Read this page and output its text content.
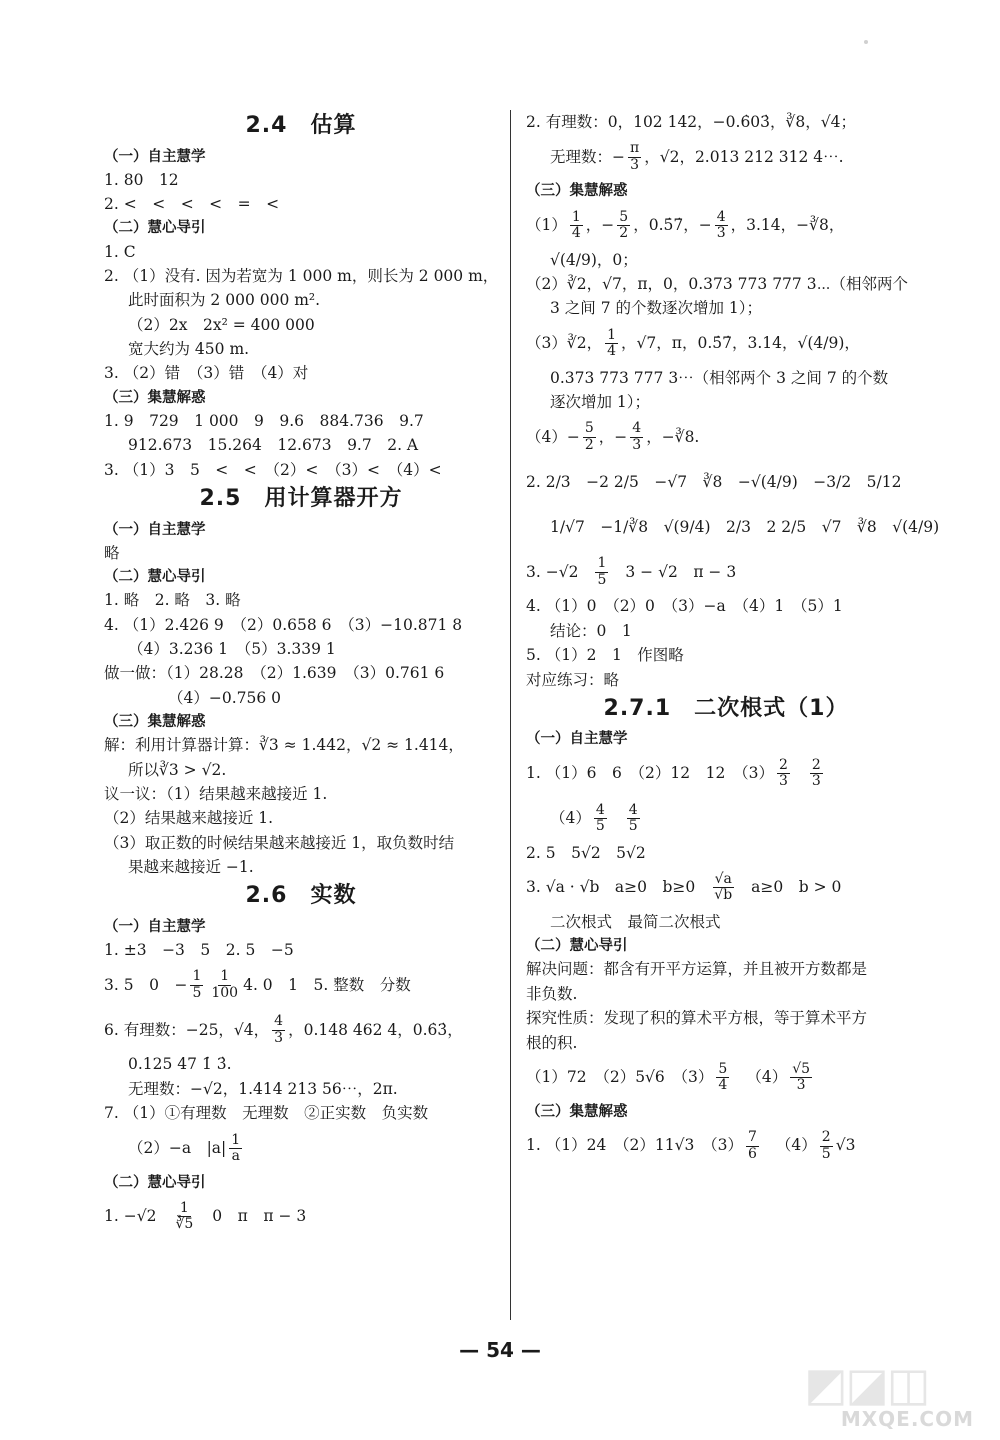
2.4　估算
（一）自主慧学
1. 80　12
2. <　<　<　<　=　<
（二）慧心导引
1. C
2. （1）没有. 因为若宽为 1 000 m，则长为 2 000 m，
此时面积为 2 000 000 m².
（2）2x　2x² = 400 000
宽大约为 450 m.
3. （2）错　（3）错　（4）对
（三）集慧解惑
1. 9　729　1 000　9　9.6　884.736　9.7
912.673　15.264　12.673　9.7　2. A
3. （1）3　5　<　<　（2）<　（3）<　（4）<
2.5　用计算器开方
（一）自主慧学
略
（二）慧心导引
1. 略　2. 略　3. 略
4. （1）2.426 9　（2）0.658 6　（3）−10.871 8
（4）3.236 1　（5）3.339 1
做一做：（1）28.28　（2）1.639　（3）0.761 6
（4）−0.756 0
（三）集慧解惑
解：利用计算器计算：∛3 ≈ 1.442，√2 ≈ 1.414，
所以∛3 > √2.
议一议：（1）结果越来越接近 1.
（2）结果越来越接近 1.
（3）取正数的时候结果越来越接近 1，取负数时结
果越来越接近 −1.
2.6　实数
（一）自主慧学
1. ±3　−3　5　2. 5　−5
3. 5　0　− $\frac{1}{5} \frac{1}{100} 4$. 0　1　5. 整数　分数
6. 有理数：−25，√4， $\frac{4}{3}$ ，0.148 462 4，0.6̇3̇，
0.125 47 1̇ 3̇.
无理数：−√2，1.414 213 56⋯，2π.
7. （1）①有理数　无理数　②正实数　负实数
（2）−a　$|a| \frac{1}{a}$
（二）慧心导引
1. $-√2 \frac{1}{∛5} 0$　π　π − 3
2. 有理数：0，102 142，−0.6̇03̇，∛8，√4；
无理数：− $\frac{\pi}{3}$ ，√2，2.013 212 312 4⋯.
（三）集慧解惑
$(1) \frac{1}{4}$ ，− $\frac{5}{2}$ ，0.5̇7̇，− $\frac{4}{3}$ ，3.14，−∛8，
√(4/9)，0；
（2）∛2，√7，π，0，0.373 773 777 3⋯（相邻两个
3 之间 7 的个数逐次增加 1）；
（3）∛2， $\frac{1}{4}$ ，√7，π，0.5̇7̇，3.14，√(4/9)，
0.373 773 777 3⋯（相邻两个 3 之间 7 的个数
逐次增加 1）；
$(4)- \frac{5}{2}$ ，− $\frac{4}{3}$ ，−∛8.
2. 2/3　−2 2/5　−√7　∛8　−√(4/9)　−3/2　5/12
1/√7　−1/∛8　√(9/4)　2/3　2 2/5　√7　∛8　√(4/9)
3. $-√2 \frac{1}{5} 3 - √2$　π − 3
4. （1）0　（2）0　（3）−a　（4）1　（5）1
结论：0　1
5. （1）2　1　作图略
对应练习：略
2.7.1　二次根式（1）
（一）自主慧学
1. （1）6　6　（2）12　12　$(3) \frac{2}{3} \frac{2}{3}$
$(4) \frac{4}{5} \frac{4}{5}$
2. 5　5√2　5√2
3. √a · √b　a≥0　$b\ge 0 \frac{√a}{√b} a\ge 0$　b > 0
二次根式　最简二次根式
（二）慧心导引
解决问题：都含有开平方运算，并且被开方数都是
非负数.
探究性质：发现了积的算术平方根，等于算术平方
根的积.
（1）72　（2）5√6　$(3) \frac{5}{4} (4) \frac{√5}{3}$
（三）集慧解惑
1. （1）24　（2）11√3　$(3) \frac{7}{6} (4) \frac{2}{5} √3$
— 54 —
◩◪◫
MXQE.COM
